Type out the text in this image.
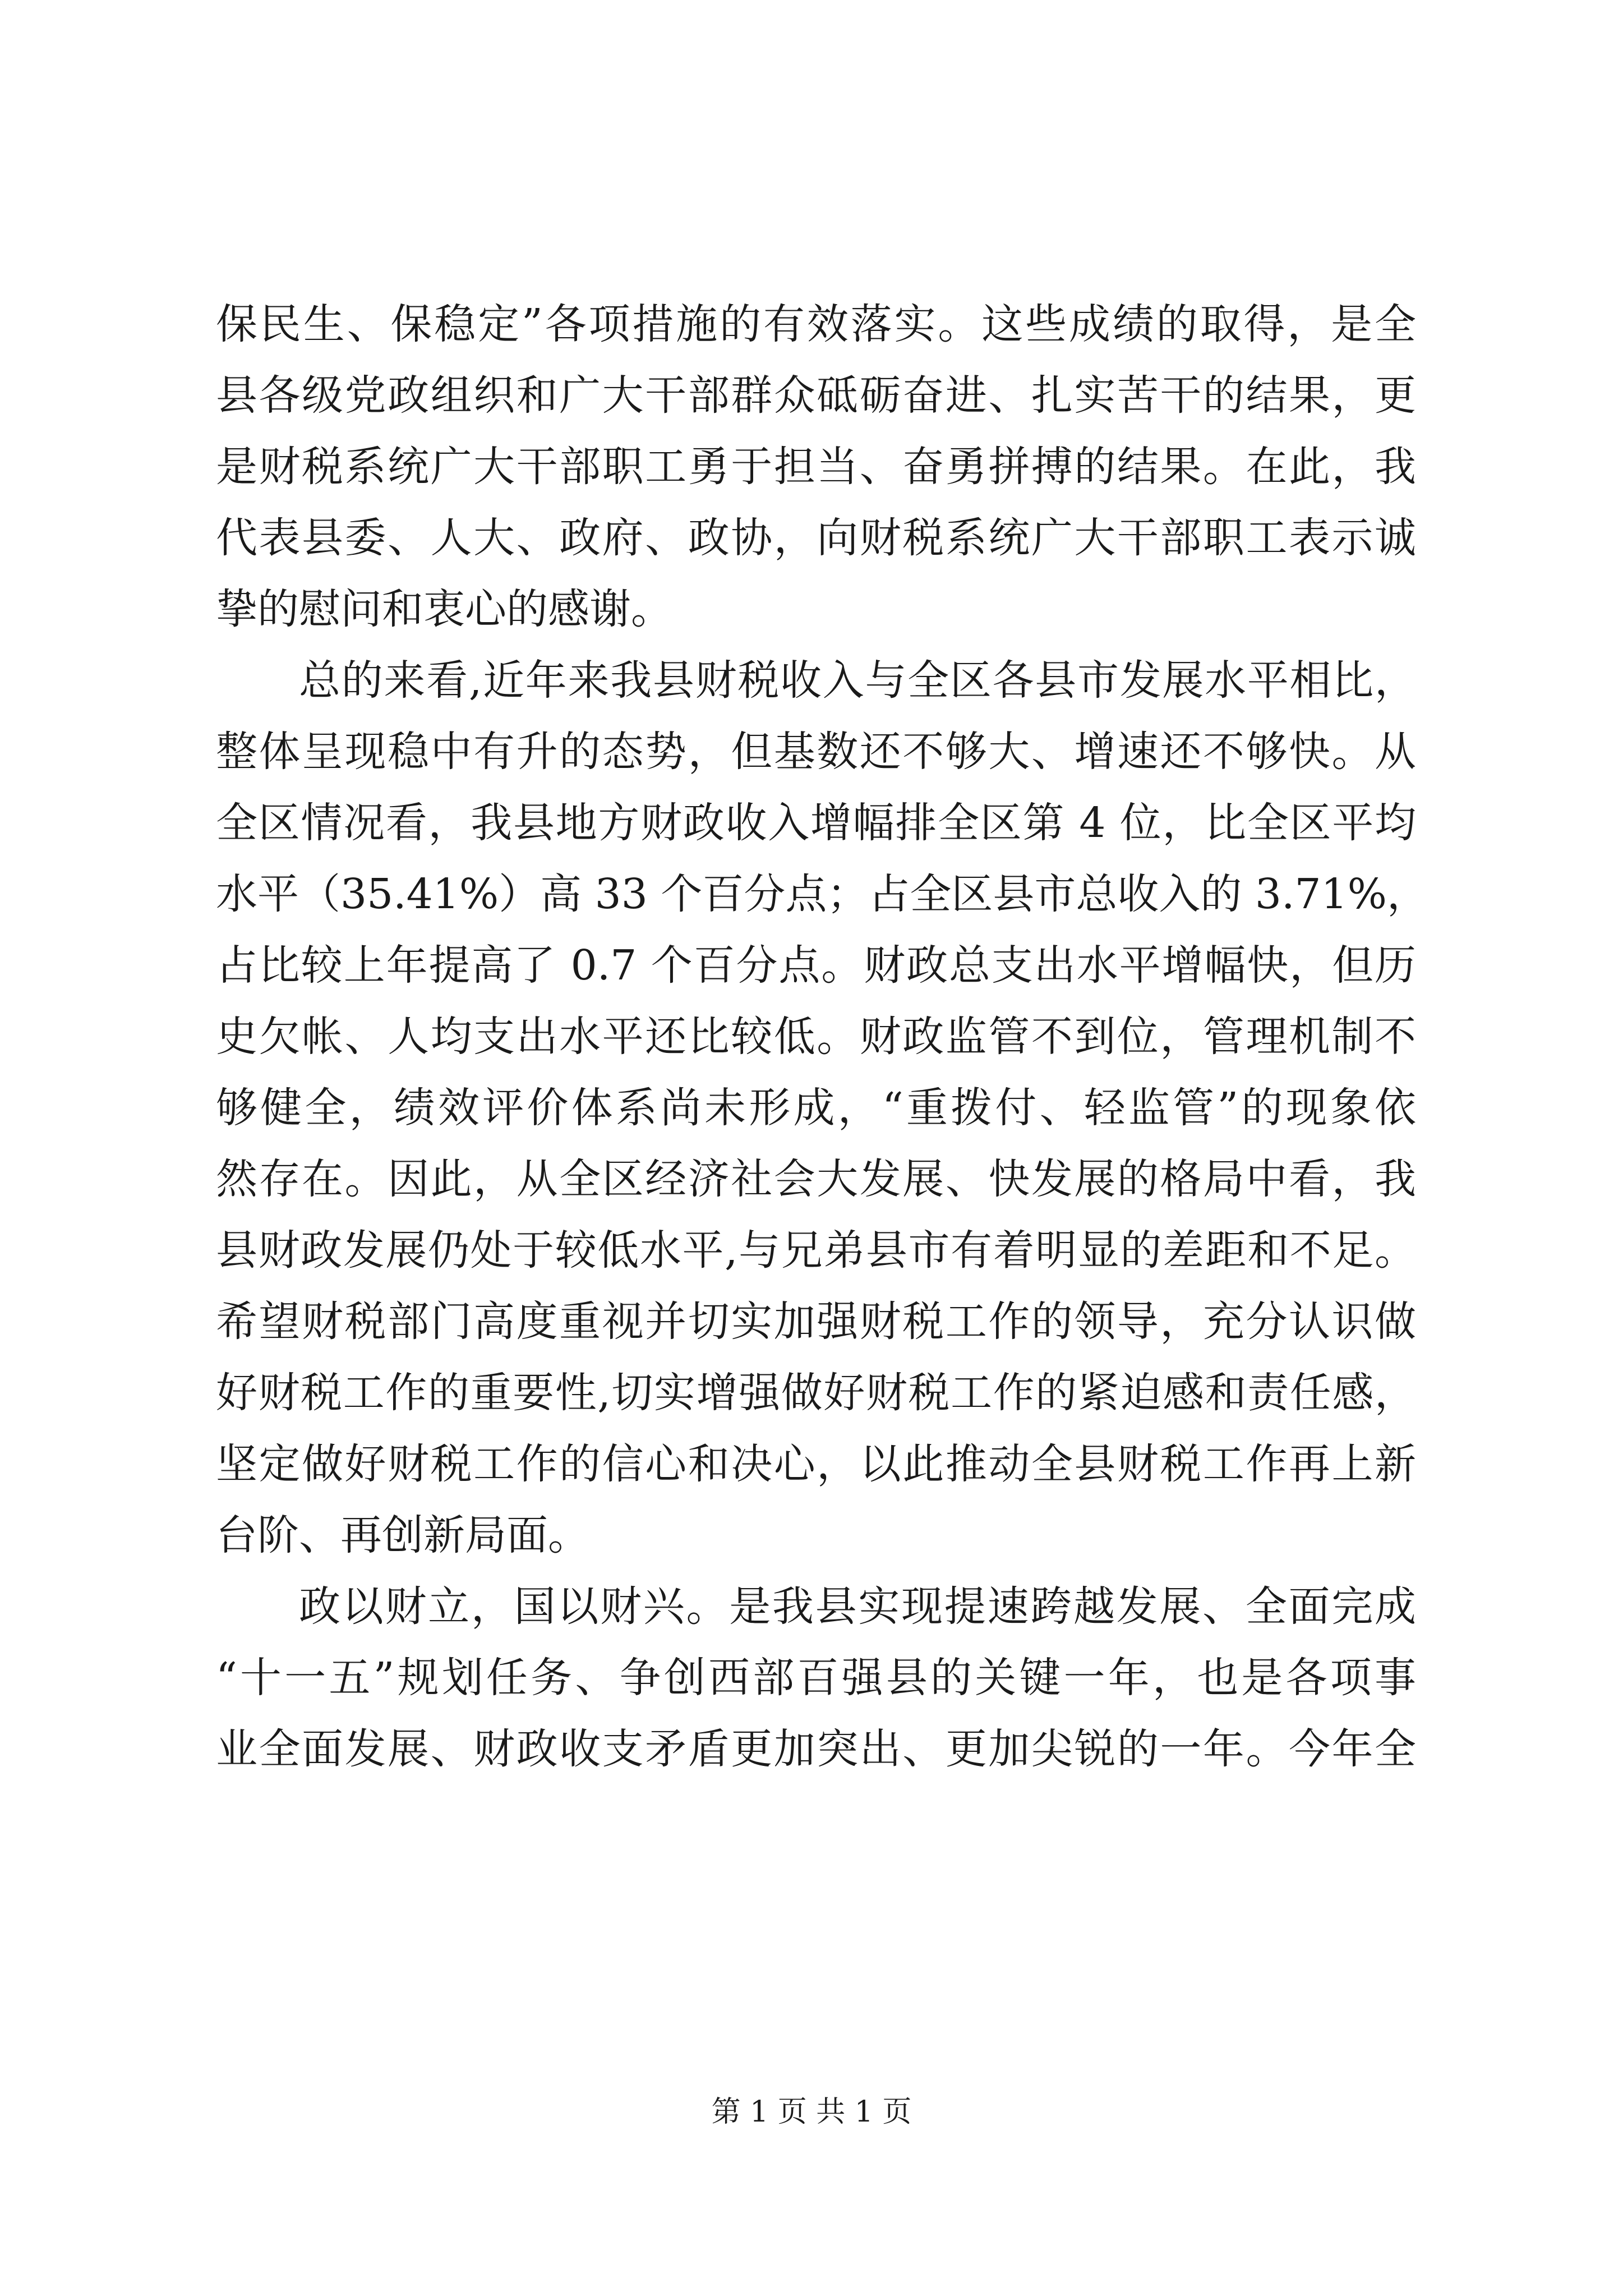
保民生、保稳定”各项措施的有效落实。这些成绩的取得，是全
县各级党政组织和广大干部群众砥砺奋进、扎实苦干的结果，更
是财税系统广大干部职工勇于担当、奋勇拼搏的结果。在此，我
代表县委、人大、政府、政协，向财税系统广大干部职工表示诚
挚的慰问和衷心的感谢。
总的来看,近年来我县财税收入与全区各县市发展水平相比，
整体呈现稳中有升的态势，但基数还不够大、增速还不够快。从
全区情况看，我县地方财政收入增幅排全区第 4 位，比全区平均
水平（35.41%）高 33 个百分点；占全区县市总收入的 3.71%，
占比较上年提高了 0.7 个百分点。财政总支出水平增幅快，但历
史欠帐、人均支出水平还比较低。财政监管不到位，管理机制不
够健全，绩效评价体系尚未形成，“重拨付、轻监管”的现象依
然存在。因此，从全区经济社会大发展、快发展的格局中看，我
县财政发展仍处于较低水平,与兄弟县市有着明显的差距和不足。
希望财税部门高度重视并切实加强财税工作的领导，充分认识做
好财税工作的重要性,切实增强做好财税工作的紧迫感和责任感，
坚定做好财税工作的信心和决心，以此推动全县财税工作再上新
台阶、再创新局面。
政以财立，国以财兴。是我县实现提速跨越发展、全面完成
“十一五”规划任务、争创西部百强县的关键一年，也是各项事
业全面发展、财政收支矛盾更加突出、更加尖锐的一年。今年全
第 1 页 共 1 页
